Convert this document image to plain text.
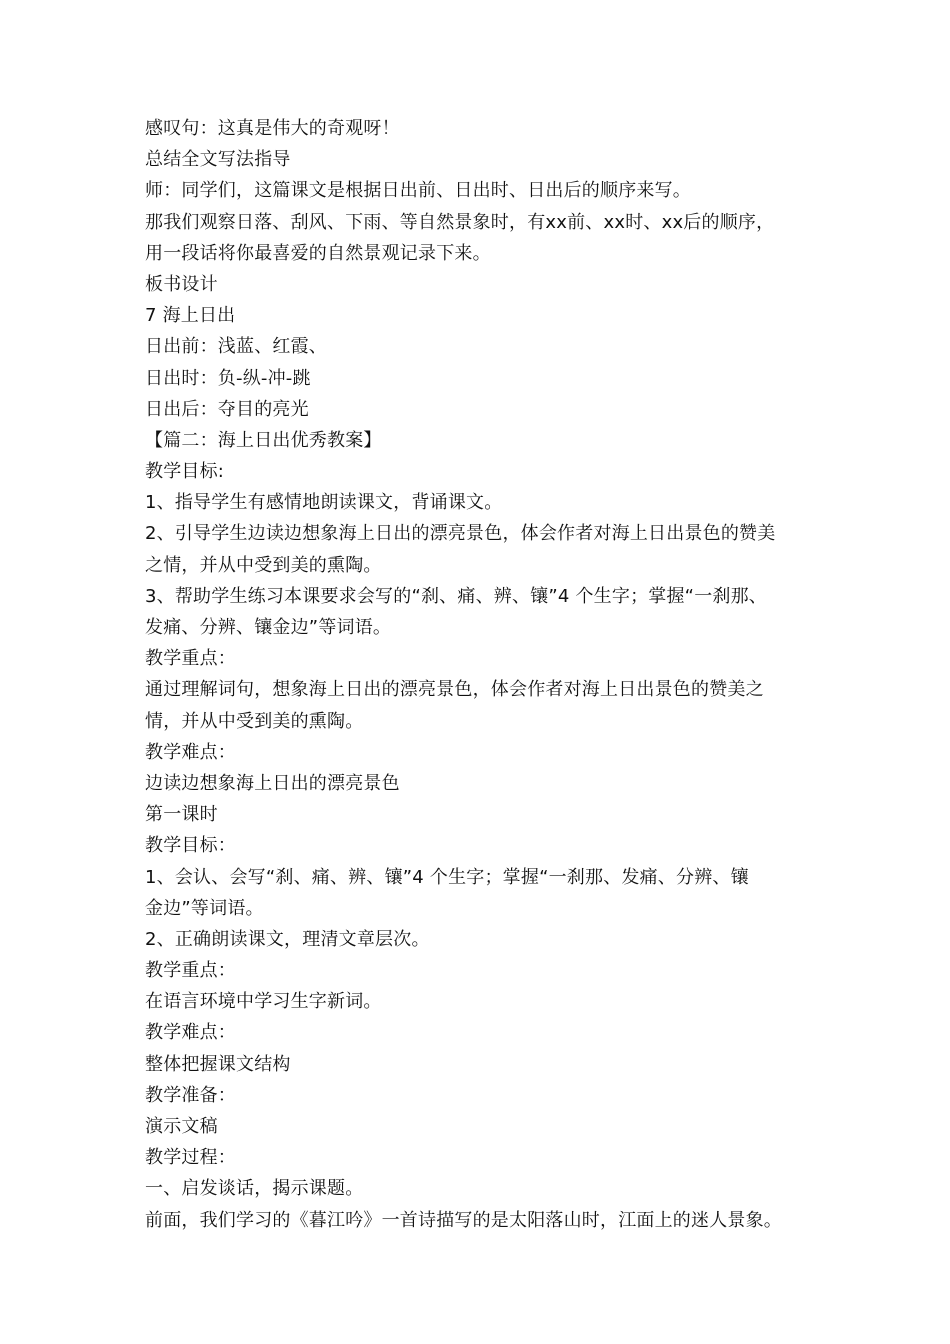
感叹句：这真是伟大的奇观呀！
总结全文写法指导
师：同学们，这篇课文是根据日出前、日出时、日出后的顺序来写。
那我们观察日落、刮风、下雨、等自然景象时，有xx前、xx时、xx后的顺序，
用一段话将你最喜爱的自然景观记录下来。
板书设计
7 海上日出
日出前：浅蓝、红霞、
日出时：负-纵-冲-跳
日出后：夺目的亮光
【篇二：海上日出优秀教案】
教学目标:
1、指导学生有感情地朗读课文，背诵课文。
2、引导学生边读边想象海上日出的漂亮景色，体会作者对海上日出景色的赞美
之情，并从中受到美的熏陶。
3、帮助学生练习本课要求会写的“刹、痛、辨、镶”4 个生字；掌握“一刹那、
发痛、分辨、镶金边”等词语。
教学重点：
通过理解词句，想象海上日出的漂亮景色，体会作者对海上日出景色的赞美之
情，并从中受到美的熏陶。
教学难点：
边读边想象海上日出的漂亮景色
第一课时
教学目标：
1、会认、会写“刹、痛、辨、镶”4 个生字；掌握“一刹那、发痛、分辨、镶
金边”等词语。
2、正确朗读课文，理清文章层次。
教学重点：
在语言环境中学习生字新词。
教学难点：
整体把握课文结构
教学准备：
演示文稿
教学过程：
一、启发谈话，揭示课题。
前面，我们学习的《暮江吟》一首诗描写的是太阳落山时，江面上的迷人景象。
